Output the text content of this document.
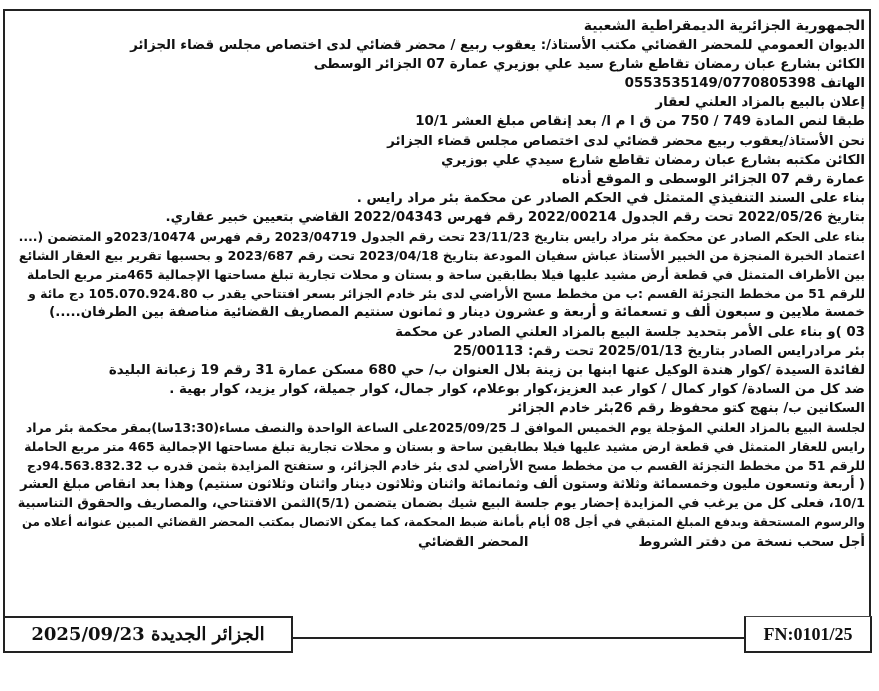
الجمهورية الجزائرية الديمقراطية الشعبية
الديوان العمومي للمحضر القضائي مكتب الأستاذ/: يعقوب ربيع / محضر قضائي لدى اختصاص مجلس قضاء الجزائر
الكائن بشارع عبان رمضان تقاطع شارع سيد علي بوزيري عمارة 07 الجزائر الوسطى
الهاتف 0553535149/0770805398
إعلان بالبيع بالمزاد العلني لعقار
طبقا لنص المادة 749 / 750 من ق ا م ا/ بعد إنقاص مبلغ العشر 10/1
نحن الأستاذ/يعقوب ربيع محضر قضائي لدى اختصاص مجلس قضاء الجزائر
الكائن مكتبه بشارع عبان رمضان تقاطع شارع سيدي علي بوزيري
عمارة رقم 07 الجزائر الوسطى و الموقع أدناه
بناء على السند التنفيذي المتمثل في الحكم الصادر عن محكمة بئر مراد رايس .
بتاريخ 2022/05/26 تحت رقم الجدول 2022/00214 رقم فهرس 2022/04343 القاضي بتعيين خبير عقاري.
بناء على الحكم الصادر عن محكمة بئر مراد رايس بتاريخ 23/11/23 تحت رقم الجدول 2023/04719 رقم فهرس 2023/10474و المتضمن (....
اعتماد الخبرة المنجزة من الخبير الأستاذ عباش سفيان المودعة بتاريخ 2023/04/18 تحت رقم 2023/687 و بحسبها تقرير بيع العقار الشائع
بين الأطراف المتمثل في قطعة أرض مشيد عليها فيلا بطابقين ساحة و بستان و محلات تجارية تبلغ مساحتها الإجمالية 465متر مربع الحاملة
للرقم 51 من مخطط التجزئة القسم :ب من مخطط مسح الأراضي لدى بئر خادم الجزائر بسعر افتتاحي يقدر ب 105.070.924.80 دج مائة و
خمسة ملايين و سبعون ألف و تسعمائة و أربعة و عشرون دينار و ثمانون سنتيم المصاريف القضائية مناصفة بين الطرفان.....)
03 )و بناء على الأمر بتحديد جلسة البيع بالمزاد العلني الصادر عن محكمة
بئر مرادرايس الصادر بتاريخ 2025/01/13 تحت رقم: 25/00113
لفائدة السيدة /كوار هندة الوكيل عنها ابنها بن زينة بلال العنوان ب/ حي 680 مسكن عمارة 31 رقم 19 زعبانة البليدة
ضد كل من السادة/ كوار كمال / كوار عبد العزيز،كوار بوعلام، كوار جمال، كوار جميلة، كوار يزيد، كوار بهية .
السكانين ب/ بنهج كتو محفوظ رقم 26بئر خادم الجزائر
لجلسة البيع بالمزاد العلني المؤجلة يوم الخميس الموافق لـ 2025/09/25على الساعة الواحدة والنصف مساء(13:30سا)بمقر محكمة بئر مراد
رايس للعقار المتمثل في قطعة ارض مشيد عليها فيلا بطابقين ساحة و بستان و محلات تجارية تبلغ مساحتها الإجمالية 465 متر مربع الحاملة
للرقم 51 من مخطط التجزئة القسم ب من مخطط مسح الأراضي لدى بئر خادم الجزائر، و ستفتح المزايدة بثمن قدره ب 94.563.832.32دج
( أربعة وتسعون مليون وخمسمائة وثلاثة وستون ألف وثمانمائة واثنان وثلاثون دينار واثنان وثلاثون سنتيم) وهذا بعد انقاص مبلغ العشر
10/1، فعلى كل من يرغب في المزايدة إحضار يوم جلسة البيع شيك بضمان يتضمن (5/1)الثمن الافتتاحي، والمصاريف والحقوق التناسبية
والرسوم المستحقة وبدفع المبلغ المتبقي في أجل 08 أيام بأمانة ضبط المحكمة، كما يمكن الاتصال بمكتب المحضر القضائي المبين عنوانه أعلاه من
أجل سحب نسخة من دفتر الشروط
المحضر القضائي
الجزائر الجديدة 2025/09/23	FN:0101/25
